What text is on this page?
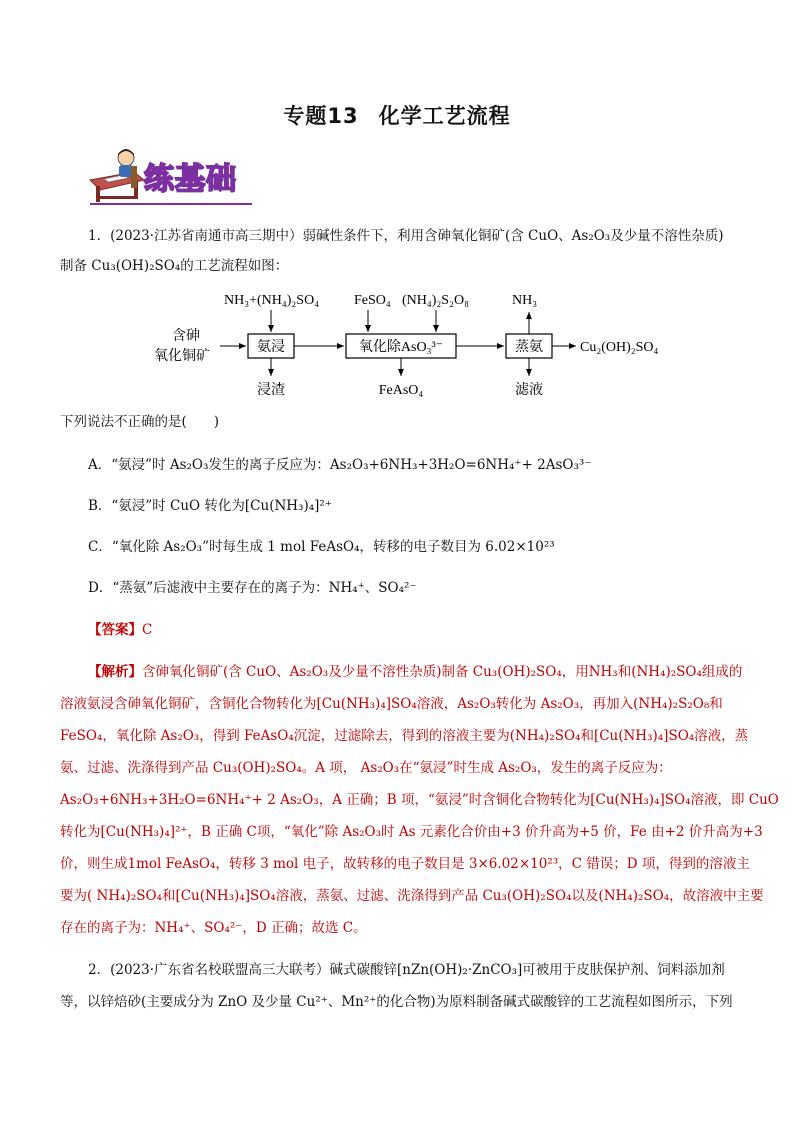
专题13 化学工艺流程
练基础
1．(2023·江苏省南通市高三期中）弱碱性条件下，利用含砷氧化铜矿(含 CuO、As₂O₃及少量不溶性杂质)
制备 Cu₃(OH)₂SO₄的工艺流程如图：
NH₃+(NH₄)₂SO₄ FeSO₄ (NH₄)₂S₂O₈	NH₃
含砷
氧化铜矿
氨浸	氧化除AsO₃³⁻	蒸氨	Cu₂(OH)₂SO₄
浸渣	FeAsO₄	滤液
下列说法不正确的是(　　)
A．“氨浸”时 As₂O₃发生的离子反应为：As₂O₃+6NH₃+3H₂O=6NH₄⁺+ 2AsO₃³⁻
B．“氨浸”时 CuO 转化为[Cu(NH₃)₄]²⁺
C．“氧化除 As₂O₃”时每生成 1 mol FeAsO₄，转移的电子数目为 6.02×10²³
D．“蒸氨”后滤液中主要存在的离子为：NH₄⁺、SO₄²⁻
【答案】C
【解析】含砷氧化铜矿(含 CuO、As₂O₃及少量不溶性杂质)制备 Cu₃(OH)₂SO₄，用NH₃和(NH₄)₂SO₄组成的
溶液氨浸含砷氧化铜矿，含铜化合物转化为[Cu(NH₃)₄]SO₄溶液，As₂O₃转化为 As₂O₃，再加入(NH₄)₂S₂O₈和
FeSO₄，氧化除 As₂O₃，得到 FeAsO₄沉淀，过滤除去，得到的溶液主要为(NH₄)₂SO₄和[Cu(NH₃)₄]SO₄溶液，蒸
氨、过滤、洗涤得到产品 Cu₃(OH)₂SO₄。A 项， As₂O₃在“氨浸”时生成 As₂O₃，发生的离子反应为：
As₂O₃+6NH₃+3H₂O=6NH₄⁺+ 2 As₂O₃，A 正确；B 项，“氨浸”时含铜化合物转化为[Cu(NH₃)₄]SO₄溶液，即 CuO
转化为[Cu(NH₃)₄]²⁺，B 正确 C项，“氧化”除 As₂O₃时 As 元素化合价由+3 价升高为+5 价，Fe 由+2 价升高为+3
价，则生成1mol FeAsO₄，转移 3 mol 电子，故转移的电子数目是 3×6.02×10²³，C 错误；D 项，得到的溶液主
要为( NH₄)₂SO₄和[Cu(NH₃)₄]SO₄溶液，蒸氨、过滤、洗涤得到产品 Cu₃(OH)₂SO₄以及(NH₄)₂SO₄，故溶液中主要
存在的离子为：NH₄⁺、SO₄²⁻，D 正确；故选 C。
2．(2023·广东省名校联盟高三大联考）碱式碳酸锌[nZn(OH)₂·ZnCO₃]可被用于皮肤保护剂、饲料添加剂
等，以锌焙砂(主要成分为 ZnO 及少量 Cu²⁺、Mn²⁺的化合物)为原料制备碱式碳酸锌的工艺流程如图所示，下列
